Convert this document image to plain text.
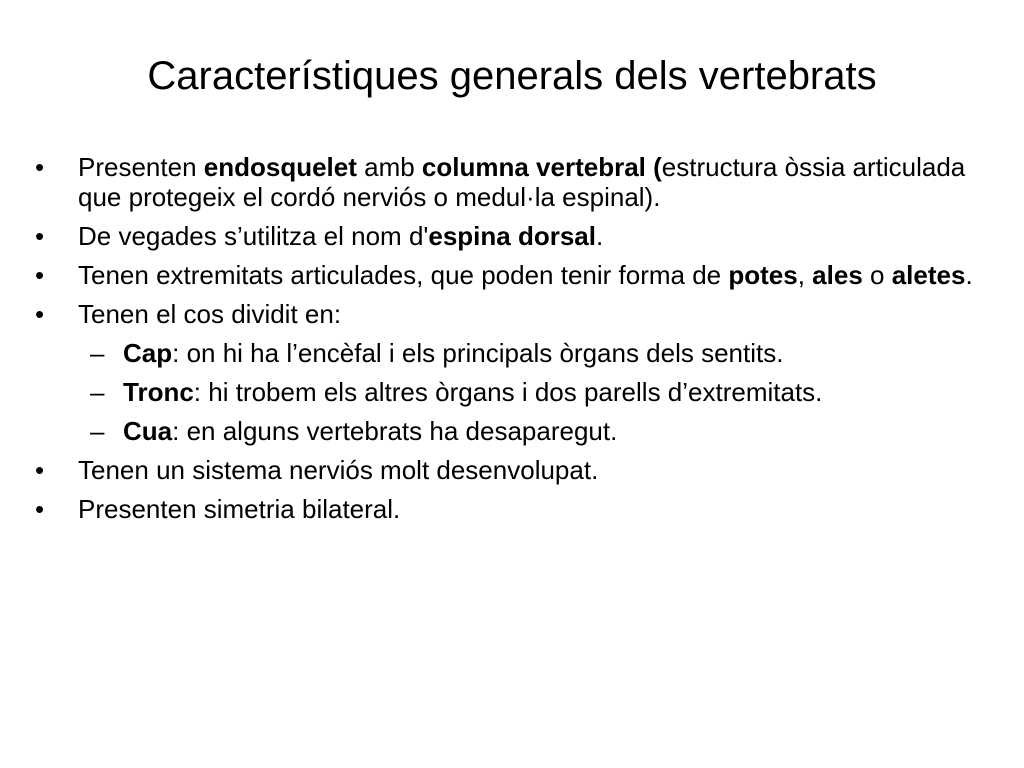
Característiques generals dels vertebrats
• Presenten endosquelet amb columna vertebral (estructura òssia articulada que protegeix el cordó nerviós o medul·la espinal).
• De vegades s’utilitza el nom d'espina dorsal.
• Tenen extremitats articulades, que poden tenir forma de potes, ales o aletes.
• Tenen el cos dividit en:
– Cap: on hi ha l’encèfal i els principals òrgans dels sentits.
– Tronc: hi trobem els altres òrgans i dos parells d’extremitats.
– Cua: en alguns vertebrats ha desaparegut.
• Tenen un sistema nerviós molt desenvolupat.
• Presenten simetria bilateral.
